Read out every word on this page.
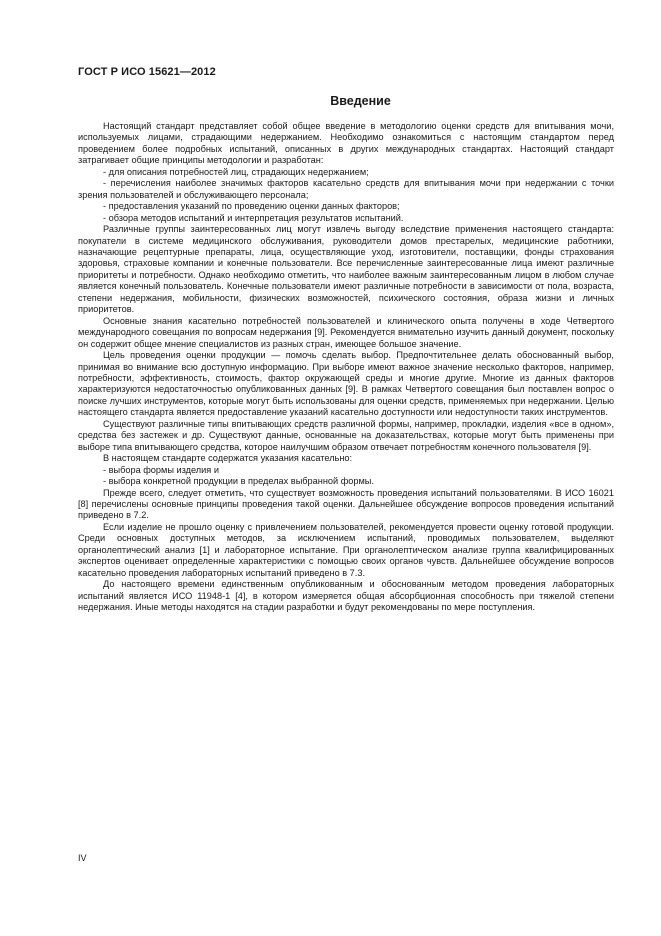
ГОСТ Р ИСО 15621—2012
Введение

Настоящий стандарт представляет собой общее введение в методологию оценки средств для впитывания мочи, используемых лицами, страдающими недержанием. Необходимо ознакомиться с настоящим стандартом перед проведением более подробных испытаний, описанных в других международных стандартах. Настоящий стандарт затрагивает общие принципы методологии и разработан:

- для описания потребностей лиц, страдающих недержанием;

- перечисления наиболее значимых факторов касательно средств для впитывания мочи при недержании с точки зрения пользователей и обслуживающего персонала;

- предоставления указаний по проведению оценки данных факторов;

- обзора методов испытаний и интерпретация результатов испытаний.

Различные группы заинтересованных лиц могут извлечь выгоду вследствие применения настоящего стандарта: покупатели в системе медицинского обслуживания, руководители домов престарелых, медицинские работники, назначающие рецептурные препараты, лица, осуществляющие уход, изготовители, поставщики, фонды страхования здоровья, страховые компании и конечные пользователи. Все перечисленные заинтересованные лица имеют различные приоритеты и потребности. Однако необходимо отметить, что наиболее важным заинтересованным лицом в любом случае является конечный пользователь. Конечные пользователи имеют различные потребности в зависимости от пола, возраста, степени недержания, мобильности, физических возможностей, психического состояния, образа жизни и личных приоритетов.

Основные знания касательно потребностей пользователей и клинического опыта получены в ходе Четвертого международного совещания по вопросам недержания [9]. Рекомендуется внимательно изучить данный документ, поскольку он содержит общее мнение специалистов из разных стран, имеющее большое значение.

Цель проведения оценки продукции — помочь сделать выбор. Предпочтительнее делать обоснованный выбор, принимая во внимание всю доступную информацию. При выборе имеют важное значение несколько факторов, например, потребности, эффективность, стоимость, фактор окружающей среды и многие другие. Многие из данных факторов характеризуются недостаточностью опубликованных данных [9]. В рамках Четвертого совещания был поставлен вопрос о поиске лучших инструментов, которые могут быть использованы для оценки средств, применяемых при недержании. Целью настоящего стандарта является предоставление указаний касательно доступности или недоступности таких инструментов.

Существуют различные типы впитывающих средств различной формы, например, прокладки, изделия «все в одном», средства без застежек и др. Существуют данные, основанные на доказательствах, которые могут быть применены при выборе типа впитывающего средства, которое наилучшим образом отвечает потребностям конечного пользователя [9].

В настоящем стандарте содержатся указания касательно:

- выбора формы изделия и

- выбора конкретной продукции в пределах выбранной формы.

Прежде всего, следует отметить, что существует возможность проведения испытаний пользователями. В ИСО 16021 [8] перечислены основные принципы проведения такой оценки. Дальнейшее обсуждение вопросов проведения испытаний приведено в 7.2.

Если изделие не прошло оценку с привлечением пользователей, рекомендуется провести оценку готовой продукции. Среди основных доступных методов, за исключением испытаний, проводимых пользователем, выделяют органолептический анализ [1] и лабораторное испытание. При органолептическом анализе группа квалифицированных экспертов оценивает определенные характеристики с помощью своих органов чувств. Дальнейшее обсуждение вопросов касательно проведения лабораторных испытаний приведено в 7.3.

До настоящего времени единственным опубликованным и обоснованным методом проведения лабораторных испытаний является ИСО 11948-1 [4], в котором измеряется общая абсорбционная способность при тяжелой степени недержания. Иные методы находятся на стадии разработки и будут рекомендованы по мере поступления.

IV
